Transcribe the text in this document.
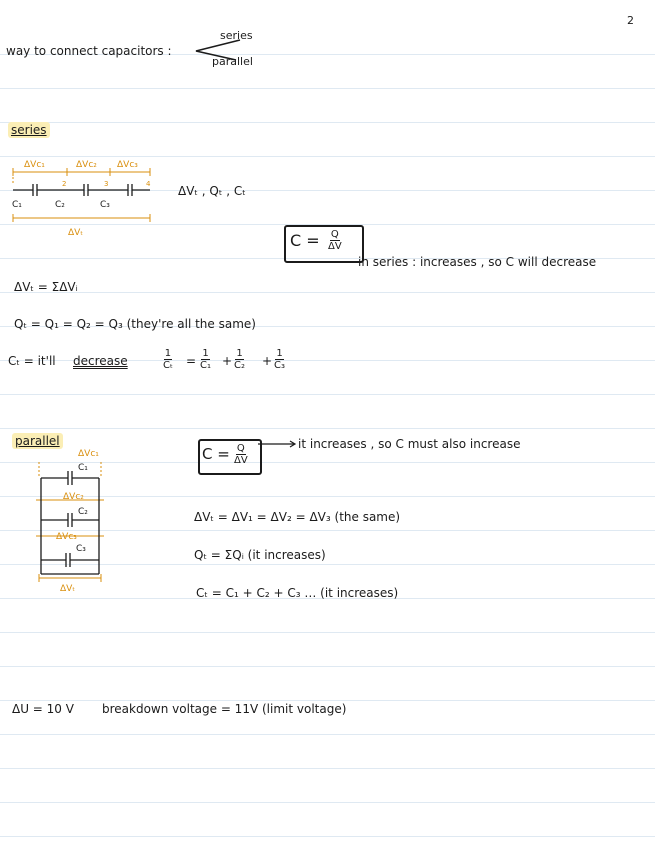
2
way to connect capacitors :
series
parallel
series
ΔVc₁	ΔVc₂ ΔVc₃
2	3	4
C₁	C₂	C₃
ΔVₜ
ΔVₜ , Qₜ , Cₜ
$C = \frac{Q}{\Delta V}$
in series : increases , so C will decrease
ΔVₜ = ΣΔVᵢ
Qₜ = Q₁ = Q₂ = Q₃ (they're all the same)
Cₜ = it'll decrease	$\frac{1}{\text{Cₜ}} = \frac{1}{\text{C₁}} + \frac{1}{\text{C₂}} + \frac{1}{\text{C₃}}$
parallel
ΔVc₁
C₁
ΔVc₂
C₂
ΔVc₃
C₃
ΔVₜ
$C = \frac{Q}{\Delta V}$	it increases , so C must also increase
ΔVₜ = ΔV₁ = ΔV₂ = ΔV₃ (the same)
Qₜ = ΣQᵢ (it increases)
Cₜ = C₁ + C₂ + C₃ … (it increases)
ΔU = 10 V breakdown voltage = 11V (limit voltage)
